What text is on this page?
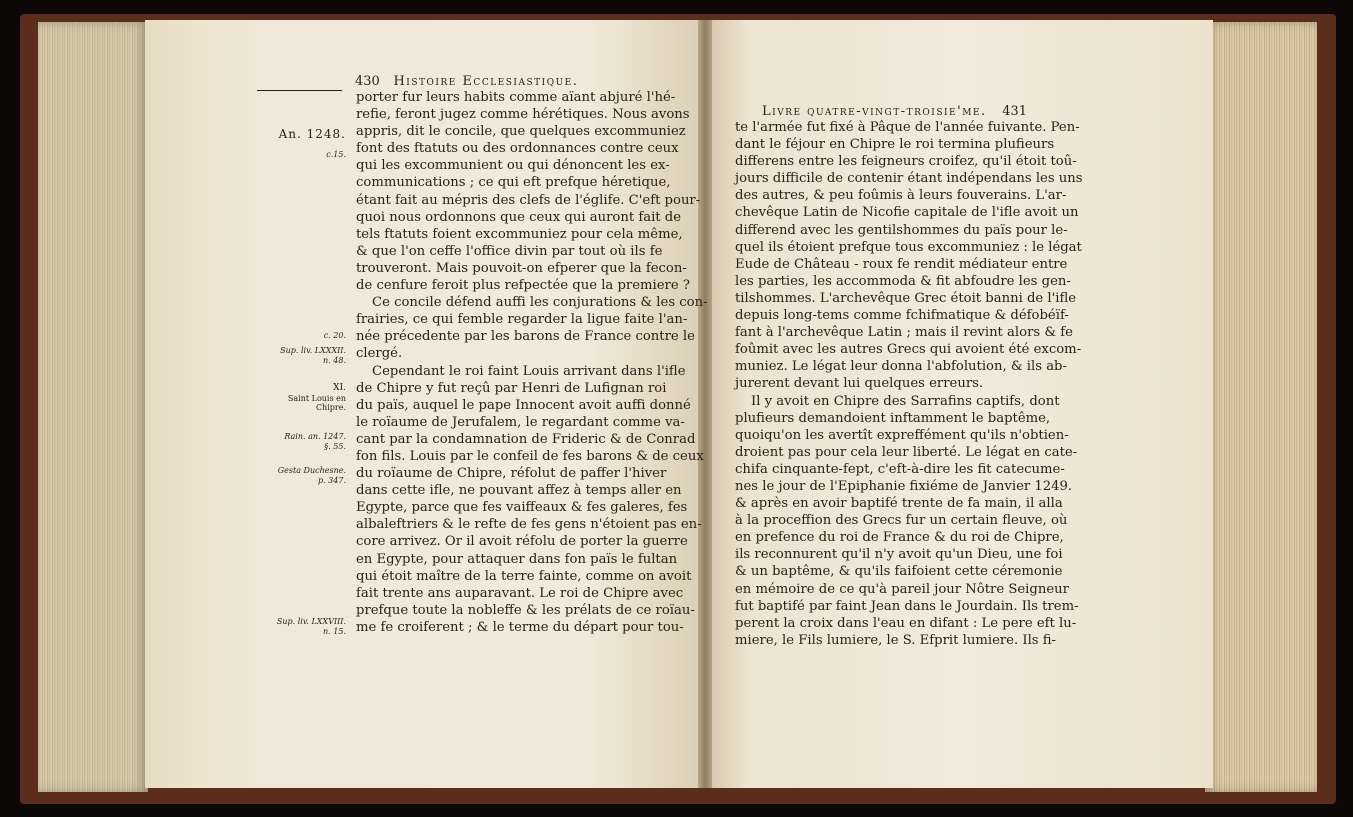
430 Histoire Ecclesiastique.
porter fur leurs habits comme aïant abjuré l'hé-
refie, feront jugez comme hérétiques. Nous avons
appris, dit le concile, que quelques excommuniez
font des ftatuts ou des ordonnances contre ceux
qui les excommunient ou qui dénoncent les ex-
communications ; ce qui eft prefque héretique,
étant fait au mépris des clefs de l'églife. C'eft pour-
quoi nous ordonnons que ceux qui auront fait de
tels ftatuts foient excommuniez pour cela même,
& que l'on ceffe l'office divin par tout où ils fe
trouveront. Mais pouvoit-on efperer que la fecon-
de cenfure feroit plus refpectée que la premiere ?
Ce concile défend auffi les conjurations & les con-
frairies, ce qui femble regarder la ligue faite l'an-
née précedente par les barons de France contre le
clergé.
Cependant le roi faint Louis arrivant dans l'ifle
de Chipre y fut reçû par Henri de Lufignan roi
du païs, auquel le pape Innocent avoit auffi donné
le roïaume de Jerufalem, le regardant comme va-
cant par la condamnation de Frideric & de Conrad
fon fils. Louis par le confeil de fes barons & de ceux
du roïaume de Chipre, réfolut de paffer l'hiver
dans cette ifle, ne pouvant affez à temps aller en
Egypte, parce que fes vaiffeaux & fes galeres, fes
albaleftriers & le refte de fes gens n'étoient pas en-
core arrivez. Or il avoit réfolu de porter la guerre
en Egypte, pour attaquer dans fon païs le fultan
qui étoit maître de la terre fainte, comme on avoit
fait trente ans auparavant. Le roi de Chipre avec
prefque toute la nobleffe & les prélats de ce roïau-
me fe croiferent ; & le terme du départ pour tou-
An. 1248.
c.15.
c. 20.
Sup. liv. LXXXII.
n. 48.
XI.
Saint Louis en
Chipre.
Rain. an. 1247.
§. 55.
Gesta Duchesne.
p. 347.
Sup. liv. LXXVIII.
n. 15.
Livre quatre-vingt-troisie'me. 431
te l'armée fut fixé à Pâque de l'année fuivante. Pen-
dant le féjour en Chipre le roi termina plufieurs
differens entre les feigneurs croifez, qu'il étoit toû-
jours difficile de contenir étant indépendans les uns
des autres, & peu foûmis à leurs fouverains. L'ar-
chevêque Latin de Nicofie capitale de l'ifle avoit un
differend avec les gentilshommes du païs pour le-
quel ils étoient prefque tous excommuniez : le légat
Eude de Château - roux fe rendit médiateur entre
les parties, les accommoda & fit abfoudre les gen-
tilshommes. L'archevêque Grec étoit banni de l'ifle
depuis long-tems comme fchifmatique & défobéïf-
fant à l'archevêque Latin ; mais il revint alors & fe
foûmit avec les autres Grecs qui avoient été excom-
muniez. Le légat leur donna l'abfolution, & ils ab-
jurerent devant lui quelques erreurs.
Il y avoit en Chipre des Sarrafins captifs, dont
plufieurs demandoient inftamment le baptême,
quoiqu'on les avertît expreffément qu'ils n'obtien-
droient pas pour cela leur liberté. Le légat en cate-
chifa cinquante-fept, c'eft-à-dire les fit catecume-
nes le jour de l'Epiphanie fixiéme de Janvier 1249.
& après en avoir baptifé trente de fa main, il alla
à la proceffion des Grecs fur un certain fleuve, où
en prefence du roi de France & du roi de Chipre,
ils reconnurent qu'il n'y avoit qu'un Dieu, une foi
& un baptême, & qu'ils faifoient cette céremonie
en mémoire de ce qu'à pareil jour Nôtre Seigneur
fut baptifé par faint Jean dans le Jourdain. Ils trem-
perent la croix dans l'eau en difant : Le pere eft lu-
miere, le Fils lumiere, le S. Efprit lumiere. Ils fi-
